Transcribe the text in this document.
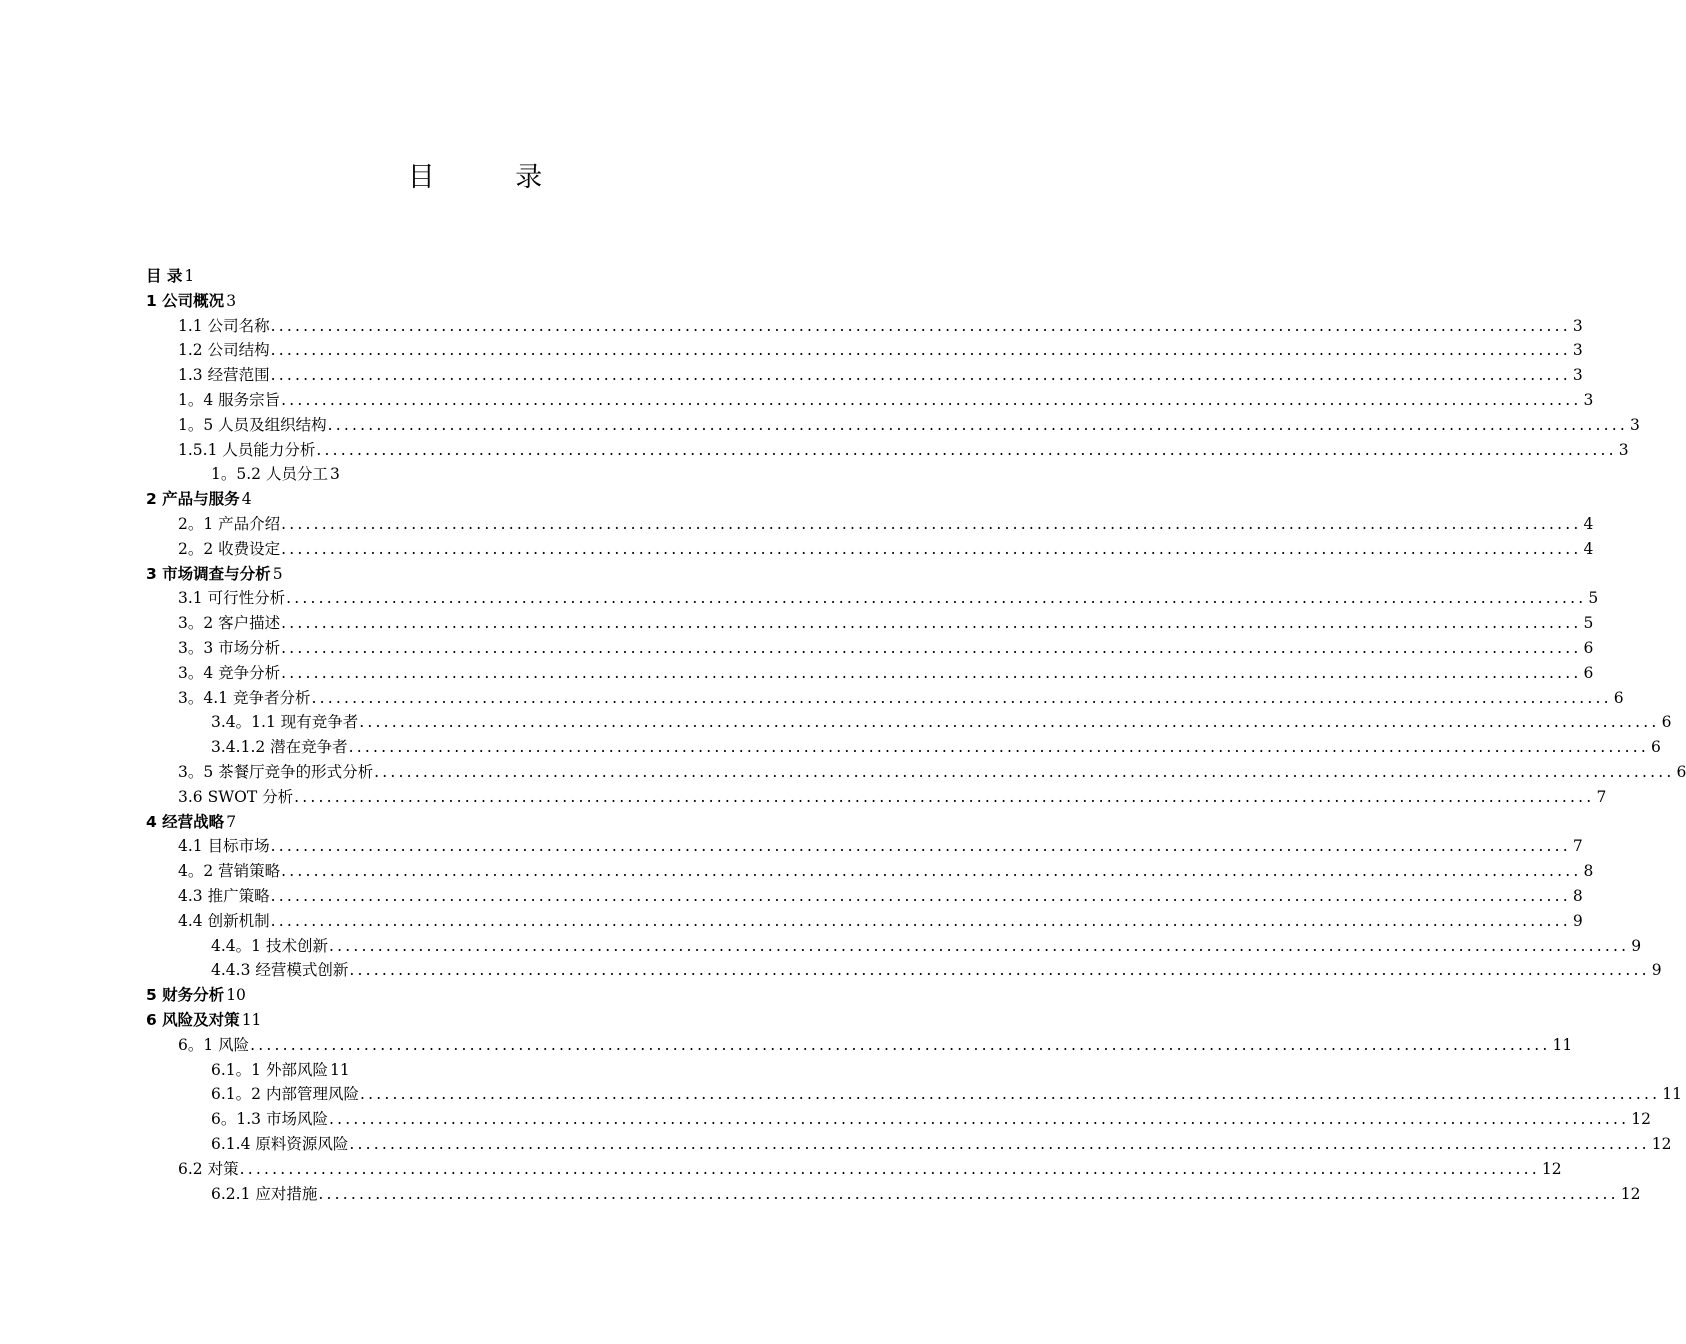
目 录
目 录 1
1 公司概况 3
1.1 公司名称 ................................................................................................................................................................ 3
1.2 公司结构 ................................................................................................................................................................ 3
1.3 经营范围 ................................................................................................................................................................ 3
1。4 服务宗旨 ................................................................................................................................................................ 3
1。5 人员及组织结构 ................................................................................................................................................................ 3
1.5.1 人员能力分析 ................................................................................................................................................................ 3
1。5.2 人员分工 3
2 产品与服务 4
2。1 产品介绍 ................................................................................................................................................................ 4
2。2 收费设定 ................................................................................................................................................................ 4
3 市场调查与分析 5
3.1 可行性分析 ................................................................................................................................................................ 5
3。2 客户描述 ................................................................................................................................................................ 5
3。3 市场分析 ................................................................................................................................................................ 6
3。4 竞争分析 ................................................................................................................................................................ 6
3。4.1 竞争者分析 ................................................................................................................................................................ 6
3.4。1.1 现有竞争者 ................................................................................................................................................................ 6
3.4.1.2 潜在竞争者 ................................................................................................................................................................ 6
3。5 茶餐厅竞争的形式分析 ................................................................................................................................................................ 6
3.6 SWOT 分析 ................................................................................................................................................................ 7
4 经营战略 7
4.1 目标市场 ................................................................................................................................................................ 7
4。2 营销策略 ................................................................................................................................................................ 8
4.3 推广策略 ................................................................................................................................................................ 8
4.4 创新机制 ................................................................................................................................................................ 9
4.4。1 技术创新 ................................................................................................................................................................ 9
4.4.3 经营模式创新 ................................................................................................................................................................ 9
5 财务分析 10
6 风险及对策 11
6。1 风险 ................................................................................................................................................................ 11
6.1。1 外部风险 11
6.1。2 内部管理风险 ................................................................................................................................................................ 11
6。1.3 市场风险 ................................................................................................................................................................ 12
6.1.4 原料资源风险 ................................................................................................................................................................ 12
6.2 对策 ................................................................................................................................................................ 12
6.2.1 应对措施 ................................................................................................................................................................ 12
